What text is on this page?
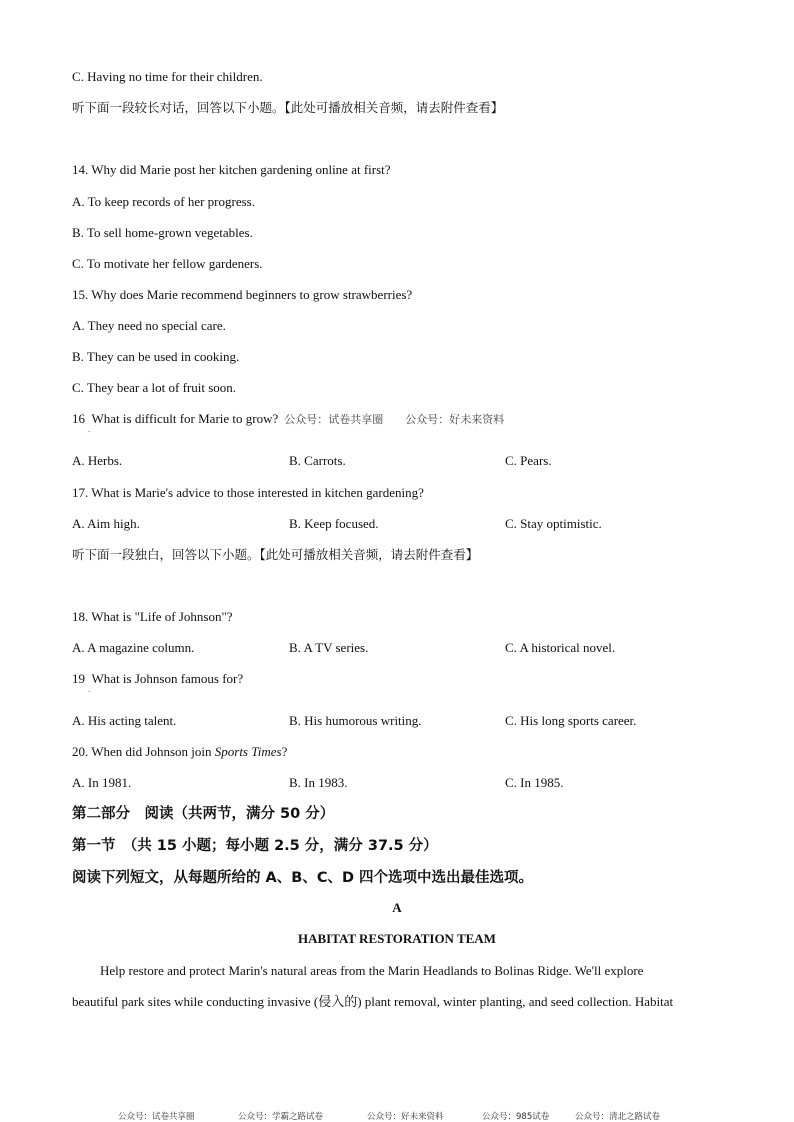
C. Having no time for their children.
听下面一段较长对话，回答以下小题。【此处可播放相关音频，请去附件查看】
14. Why did Marie post her kitchen gardening online at first?
A. To keep records of her progress.
B. To sell home-grown vegetables.
C. To motivate her fellow gardeners.
15. Why does Marie recommend beginners to grow strawberries?
A. They need no special care.
B. They can be used in cooking.
C. They bear a lot of fruit soon.
16 What is difficult for Marie to grow? 公众号：试卷共享圈 公众号：好未来资料
.
A. Herbs.	B. Carrots.	C. Pears.
17. What is Marie's advice to those interested in kitchen gardening?
A. Aim high.	B. Keep focused.	C. Stay optimistic.
听下面一段独白，回答以下小题。【此处可播放相关音频，请去附件查看】
18. What is "Life of Johnson"?
A. A magazine column.	B. A TV series.	C. A historical novel.
19 What is Johnson famous for?
.
A. His acting talent.	B. His humorous writing.	C. His long sports career.
20. When did Johnson join Sports Times?
A. In 1981.	B. In 1983.	C. In 1985.
第二部分　阅读（共两节，满分 50 分）
第一节　（共 15 小题；每小题 2.5 分，满分 37.5 分）
阅读下列短文，从每题所给的 A、B、C、D 四个选项中选出最佳选项。
A
HABITAT RESTORATION TEAM
Help restore and protect Marin's natural areas from the Marin Headlands to Bolinas Ridge. We'll explore
beautiful park sites while conducting invasive (侵入的) plant removal, winter planting, and seed collection. Habitat
公众号：试卷共享圈	公众号：学霸之路试卷	公众号：好未来资料	公众号：985试卷	公众号：清北之路试卷
